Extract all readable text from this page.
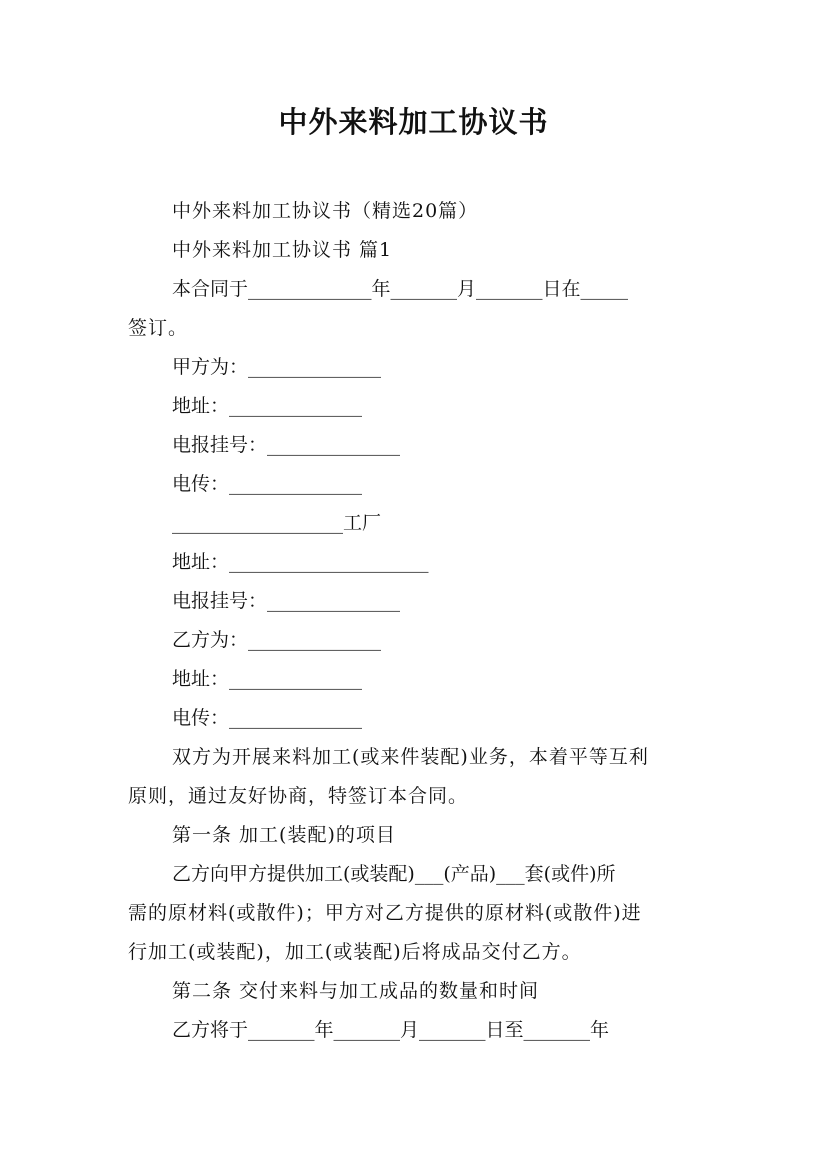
中外来料加工协议书
中外来料加工协议书（精选20篇）
中外来料加工协议书 篇1
本合同于_____________年_______月_______日在_____
签订。
甲方为：______________
地址：______________
电报挂号：______________
电传：______________
__________________工厂
地址：_____________________
电报挂号：______________
乙方为：______________
地址：______________
电传：______________
双方为开展来料加工(或来件装配)业务，本着平等互利
原则，通过友好协商，特签订本合同。
第一条 加工(装配)的项目
乙方向甲方提供加工(或装配)___(产品)___套(或件)所
需的原材料(或散件)；甲方对乙方提供的原材料(或散件)进
行加工(或装配)，加工(或装配)后将成品交付乙方。
第二条 交付来料与加工成品的数量和时间
乙方将于_______年_______月_______日至_______年
